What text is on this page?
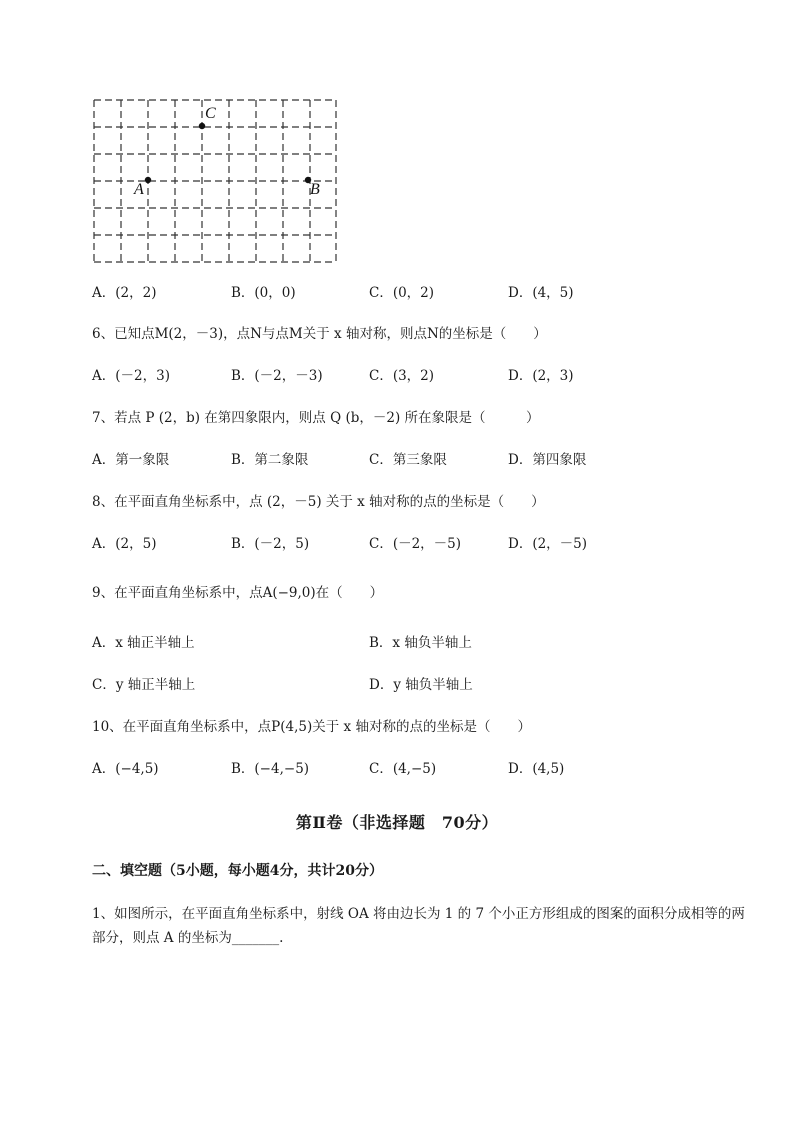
C
A	B
A．(2，2)	B．(0，0)	C．(0，2)	D．(4，5)
6、已知点M(2，－3)，点N与点M关于 x 轴对称，则点N的坐标是（　　）
A．(－2，3)	B．(－2，－3)	C．(3，2)	D．(2，3)
7、若点 P (2，b) 在第四象限内，则点 Q (b，－2) 所在象限是（　　　）
A．第一象限	B．第二象限	C．第三象限	D．第四象限
8、在平面直角坐标系中，点 (2，－5) 关于 x 轴对称的点的坐标是（　　）
A．(2，5)	B．(－2，5)	C．(－2，－5)	D．(2，－5)
9、在平面直角坐标系中，点A(−9,0)在（　　）
A．x 轴正半轴上	B．x 轴负半轴上
C．y 轴正半轴上	D．y 轴负半轴上
10、在平面直角坐标系中，点P(4,5)关于 x 轴对称的点的坐标是（　　）
A．(−4,5)	B．(−4,−5)	C．(4,−5)	D．(4,5)
第Ⅱ卷（非选择题　70分）
二、填空题（5小题，每小题4分，共计20分）
1、如图所示，在平面直角坐标系中，射线 OA 将由边长为 1 的 7 个小正方形组成的图案的面积分成相等的两部分，则点 A 的坐标为_______.
